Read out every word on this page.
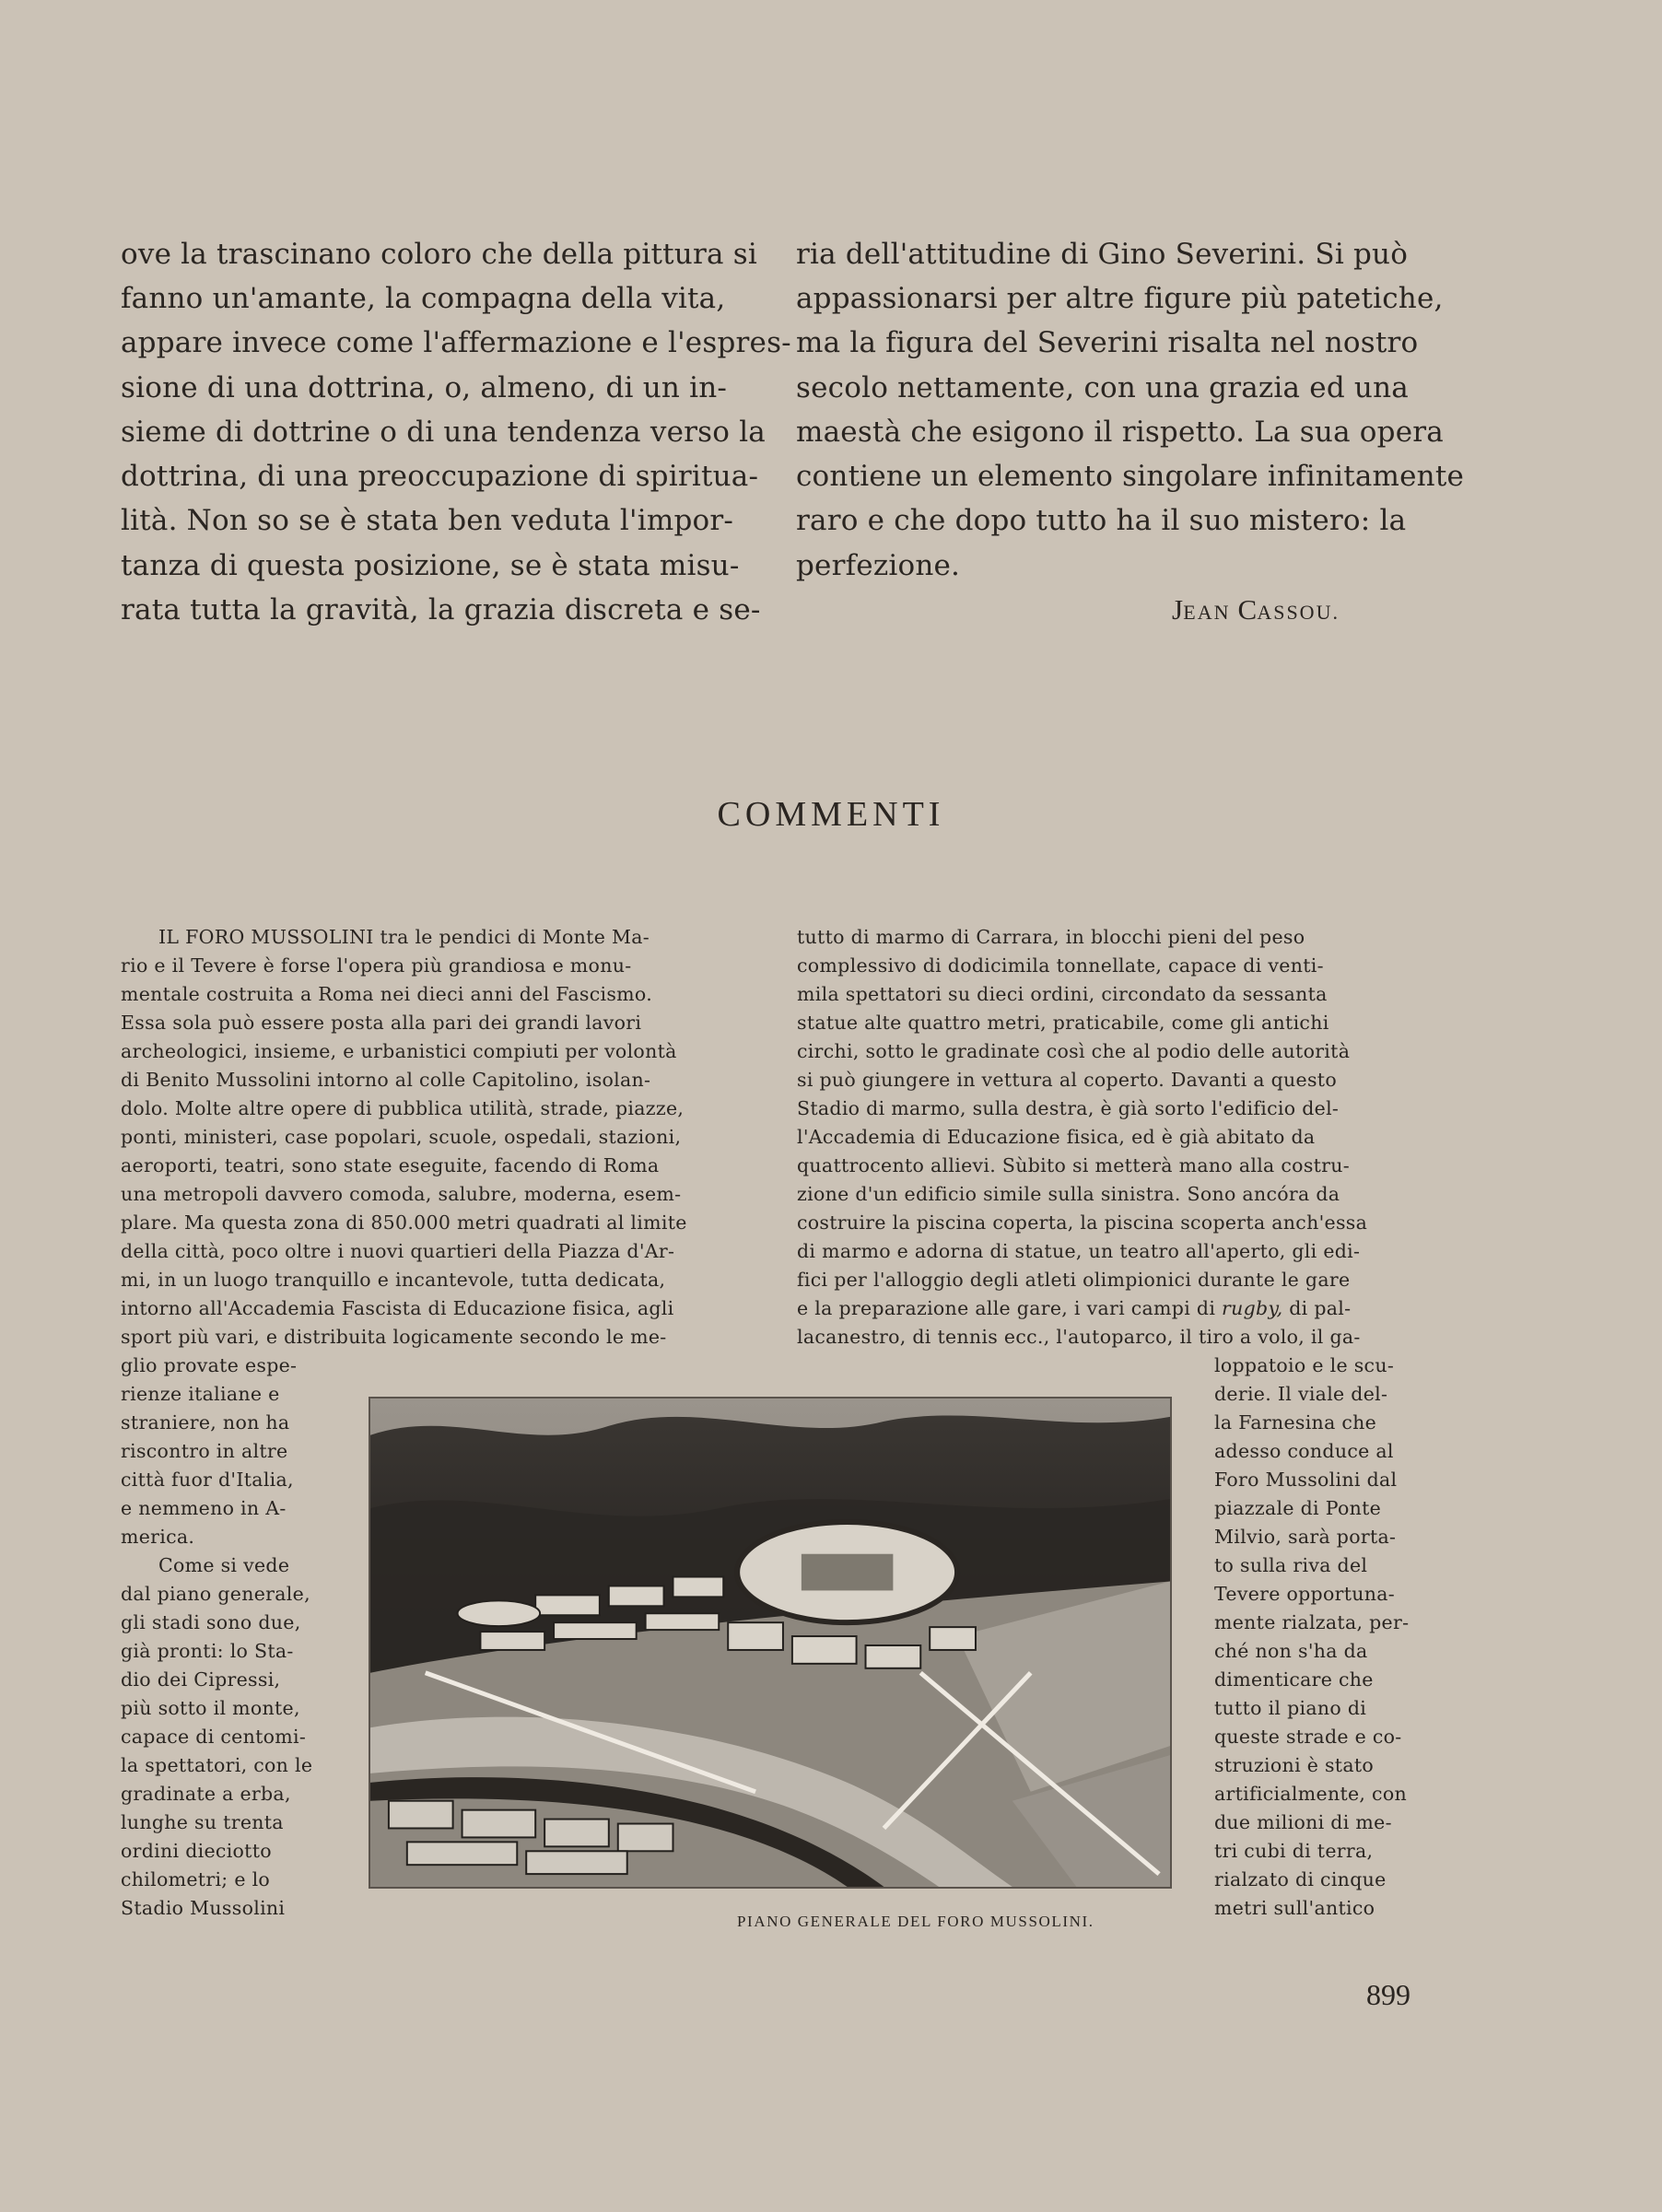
ove la trascinano coloro che della pittura si
fanno un'amante, la compagna della vita,
appare invece come l'affermazione e l'espres-
sione di una dottrina, o, almeno, di un in-
sieme di dottrine o di una tendenza verso la
dottrina, di una preoccupazione di spiritua-
lità. Non so se è stata ben veduta l'impor-
tanza di questa posizione, se è stata misu-
rata tutta la gravità, la grazia discreta e se-
ria dell'attitudine di Gino Severini. Si può
appassionarsi per altre figure più patetiche,
ma la figura del Severini risalta nel nostro
secolo nettamente, con una grazia ed una
maestà che esigono il rispetto. La sua opera
contiene un elemento singolare infinitamente
raro e che dopo tutto ha il suo mistero: la
perfezione.
JEAN CASSOU.
COMMENTI
IL FORO MUSSOLINI tra le pendici di Monte Ma-
rio e il Tevere è forse l'opera più grandiosa e monu-
mentale costruita a Roma nei dieci anni del Fascismo.
Essa sola può essere posta alla pari dei grandi lavori
archeologici, insieme, e urbanistici compiuti per volontà
di Benito Mussolini intorno al colle Capitolino, isolan-
dolo. Molte altre opere di pubblica utilità, strade, piazze,
ponti, ministeri, case popolari, scuole, ospedali, stazioni,
aeroporti, teatri, sono state eseguite, facendo di Roma
una metropoli davvero comoda, salubre, moderna, esem-
plare. Ma questa zona di 850.000 metri quadrati al limite
della città, poco oltre i nuovi quartieri della Piazza d'Ar-
mi, in un luogo tranquillo e incantevole, tutta dedicata,
intorno all'Accademia Fascista di Educazione fisica, agli
sport più vari, e distribuita logicamente secondo le me-
glio provate espe-
rienze italiane e
straniere, non ha
riscontro in altre
città fuor d'Italia,
e nemmeno in A-
merica.
Come si vede
dal piano generale,
gli stadi sono due,
già pronti: lo Sta-
dio dei Cipressi,
più sotto il monte,
capace di centomi-
la spettatori, con le
gradinate a erba,
lunghe su trenta
ordini dieciotto
chilometri; e lo
Stadio Mussolini
tutto di marmo di Carrara, in blocchi pieni del peso
complessivo di dodicimila tonnellate, capace di venti-
mila spettatori su dieci ordini, circondato da sessanta
statue alte quattro metri, praticabile, come gli antichi
circhi, sotto le gradinate così che al podio delle autorità
si può giungere in vettura al coperto. Davanti a questo
Stadio di marmo, sulla destra, è già sorto l'edificio del-
l'Accademia di Educazione fisica, ed è già abitato da
quattrocento allievi. Sùbito si metterà mano alla costru-
zione d'un edificio simile sulla sinistra. Sono ancóra da
costruire la piscina coperta, la piscina scoperta anch'essa
di marmo e adorna di statue, un teatro all'aperto, gli edi-
fici per l'alloggio degli atleti olimpionici durante le gare
e la preparazione alle gare, i vari campi di rugby, di pal-
lacanestro, di tennis ecc., l'autoparco, il tiro a volo, il ga-
loppatoio e le scu-
derie. Il viale del-
la Farnesina che
adesso conduce al
Foro Mussolini dal
piazzale di Ponte
Milvio, sarà porta-
to sulla riva del
Tevere opportuna-
mente rialzata, per-
ché non s'ha da
dimenticare che
tutto il piano di
queste strade e co-
struzioni è stato
artificialmente, con
due milioni di me-
tri cubi di terra,
rialzato di cinque
metri sull'antico
PIANO GENERALE DEL FORO MUSSOLINI.
899
